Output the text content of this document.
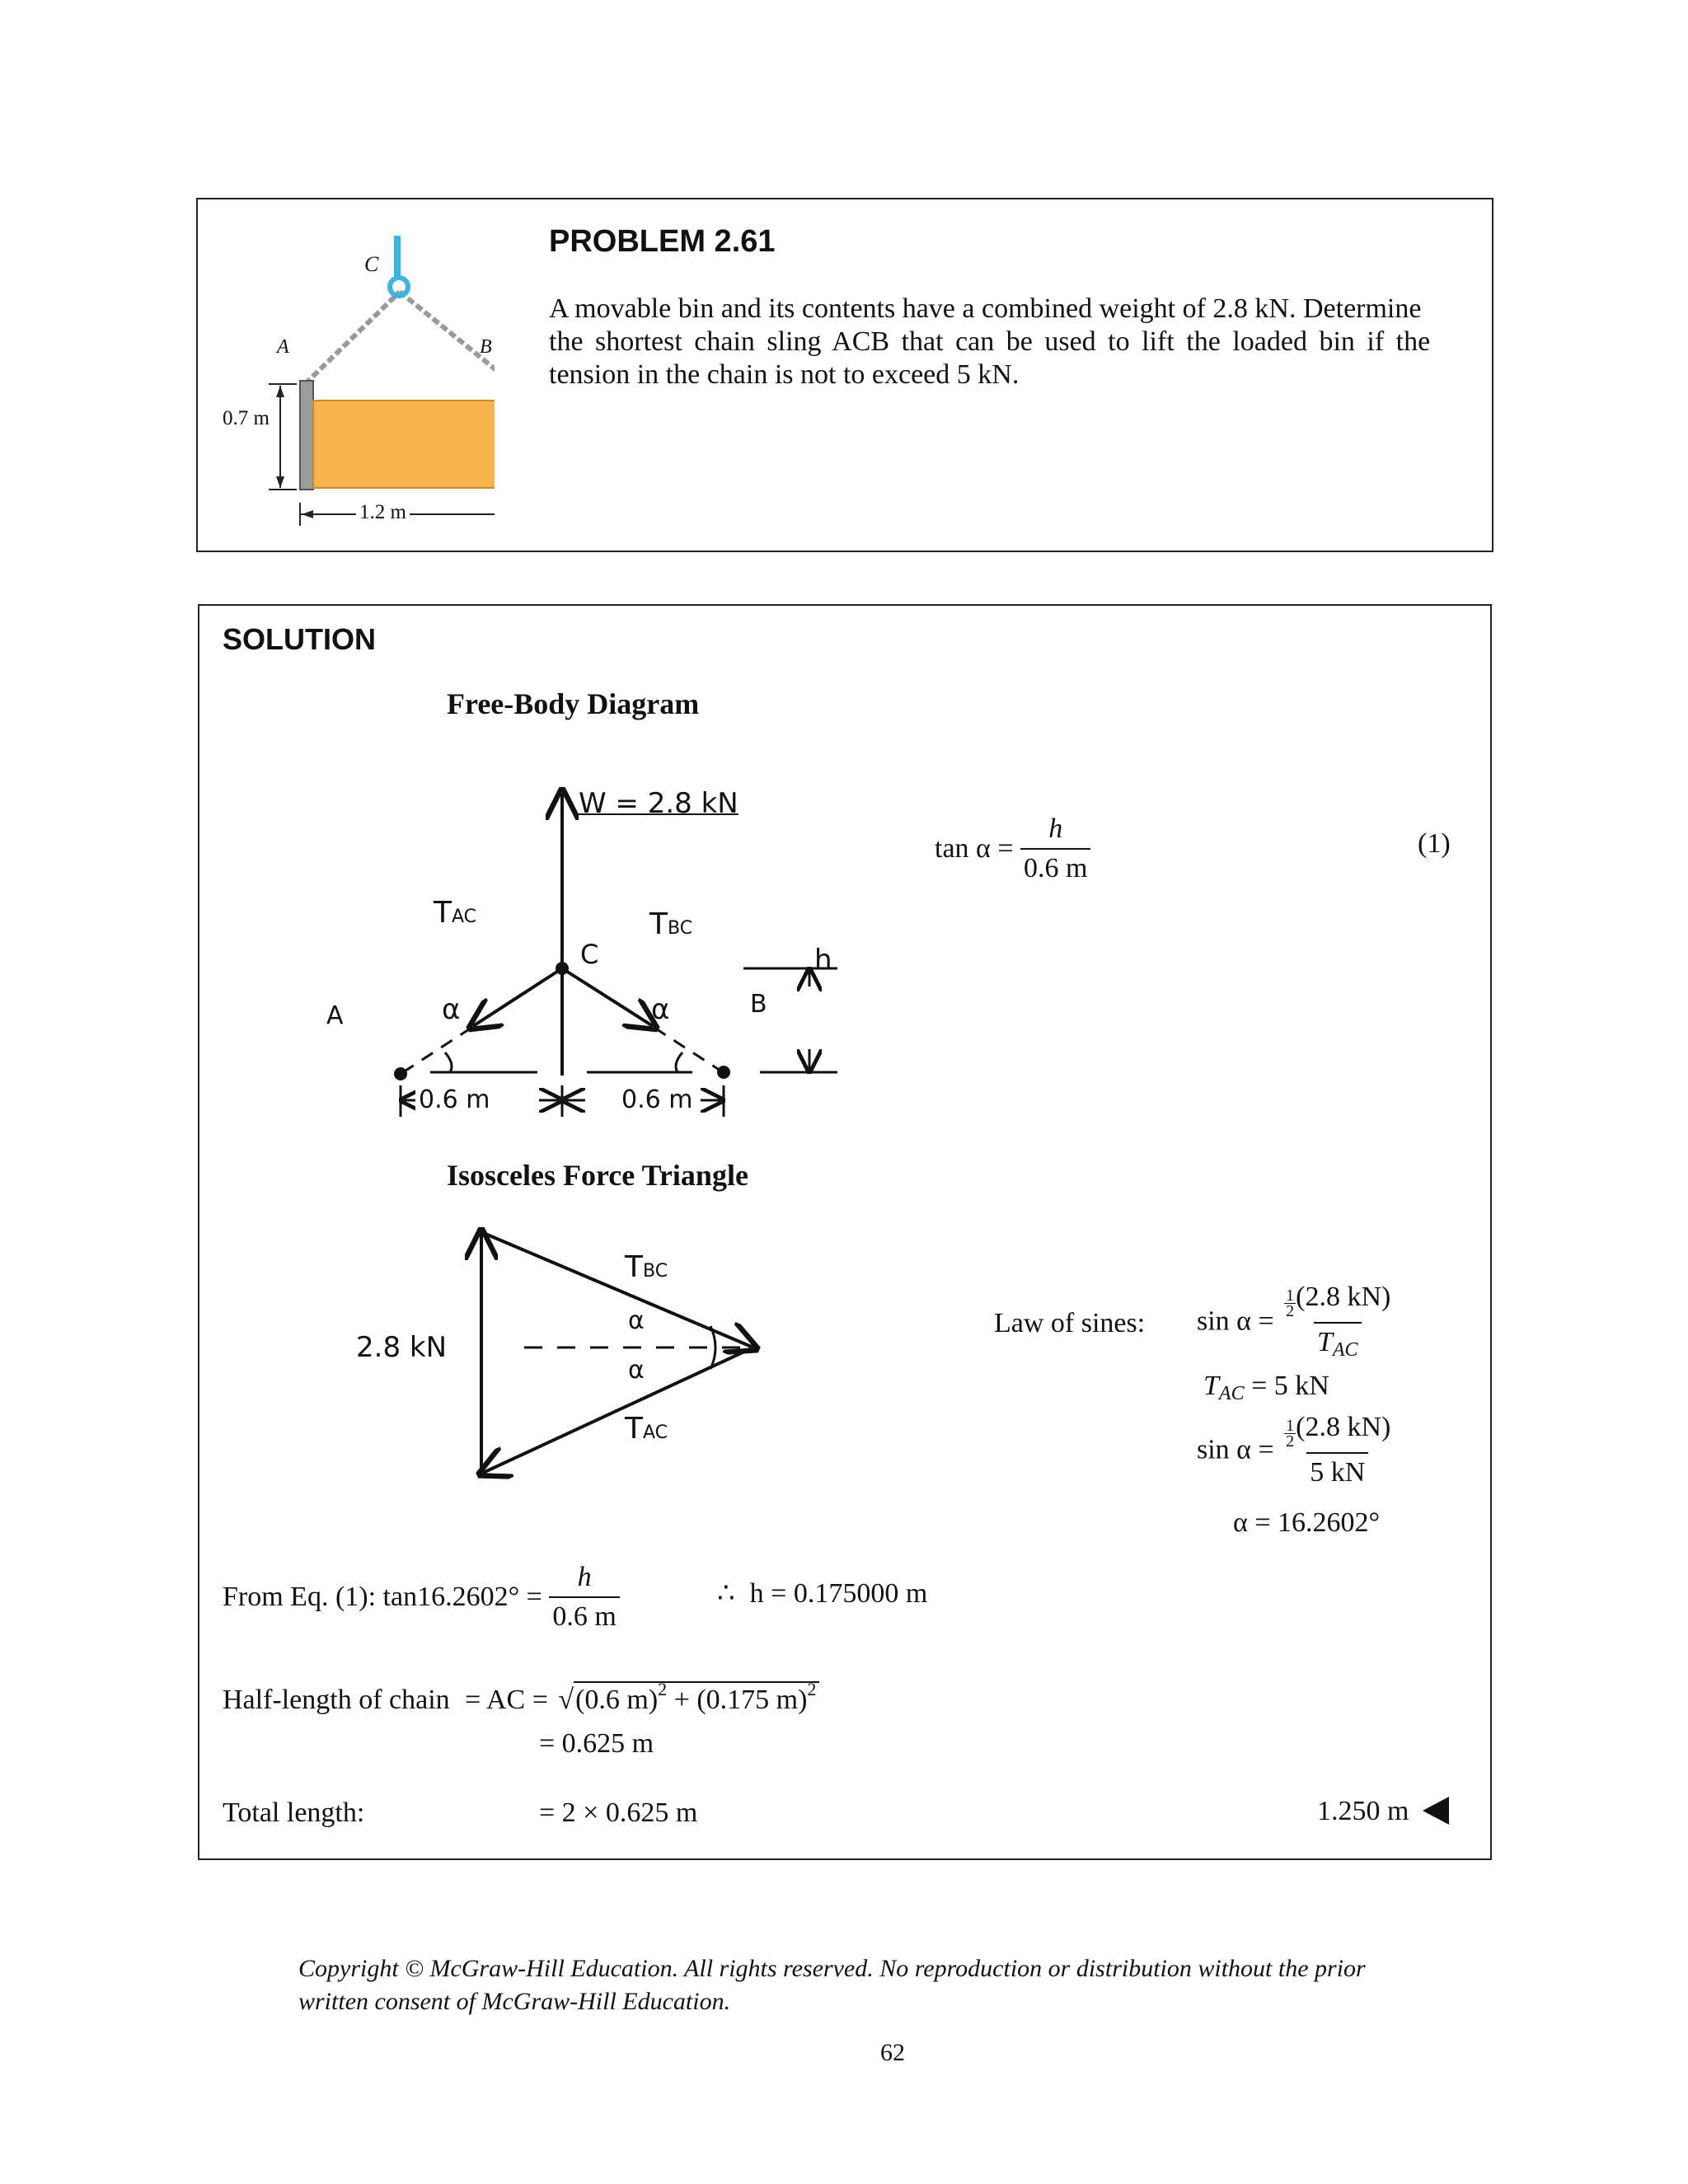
C
A	B
0.7 m
1.2 m
PROBLEM 2.61
A movable bin and its contents have a combined weight of 2.8 kN. Determine
the shortest chain sling ACB that can be used to lift the loaded bin if the
tension in the chain is not to exceed 5 kN.
SOLUTION
Free-Body Diagram
W = 2.8 kN
C
TAC	TBC
A	B
h
α	α
0.6 m	0.6 m
$\tan \alpha = \frac{h}{0.6 m}$	(1)
Isosceles Force Triangle
2.8 kN
TBC
TAC
α
α
Law of sines: $\sin \alpha = \frac{\frac{1}{2} (2.8 kN)}{T_{AC}}$
$T_{AC} = 5$ kN
$\sin \alpha = \frac{\frac{1}{2} (2.8 kN)}{5 kN}$
α = 16.2602°
From Eq. (1): $\tan 16.2602^\circ = \frac{h}{0.6 m}$	∴ h = 0.175000 m
Half-length of chain = AC = √(0.6 m)$^2$ + (0.175 m)$^2$
= 0.625 m
Total length:	= 2 × 0.625 m	1.250 m
Copyright © McGraw-Hill Education. All rights reserved. No reproduction or distribution without the prior
written consent of McGraw-Hill Education.
62
